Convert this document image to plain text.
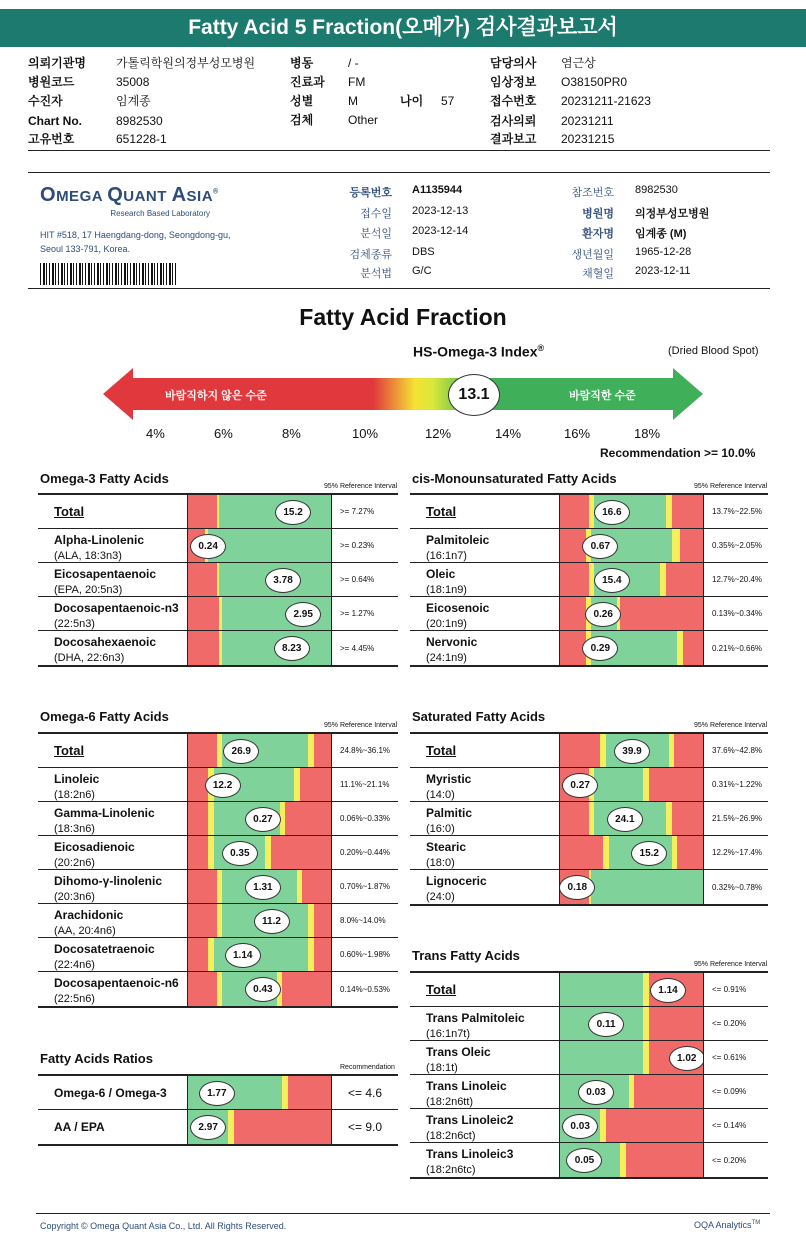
Fatty Acid 5 Fraction(오메가) 검사결과보고서
의뢰기관명	가톨릭학원의정부성모병원
병원코드	35008
수진자	임계종
Chart No.	8982530
고유번호	651228-1
병동	/ -
진료과 FM
성별	M
검체	Other
담당의사 염근상
임상정보 O38150PR0
접수번호 20231211-21623
검사의뢰 20231211
결과보고 20231215
나이 57
OMEGA QUANT ASIA®
Research Based Laboratory
HIT #518, 17 Haengdang-dong, Seongdong-gu,
Seoul 133-791, Korea.
등록번호 A1135944
접수일 2023-12-13
분석일 2023-12-14
검체종류 DBS
분석법 G/C
참조번호 8982530
병원명 의정부성모병원
환자명 임계종 (M)
생년월일 1965-12-28
채혈일 2023-12-11
Fatty Acid Fraction
HS-Omega-3 Index®	(Dried Blood Spot)
바람직하지 않은 수준	바람직한 수준
13.1
4%	6%	8%	10%	12%	14%	16%	18%
Recommendation >= 10.0%
Omega-3 Fatty Acids
95% Reference Interval
Total	15.2	>= 7.27%
Alpha-Linolenic
(ALA, 18:3n3)
0.24	>= 0.23%
Eicosapentaenoic
(EPA, 20:5n3)
3.78	>= 0.64%
Docosapentaenoic-n3
(22:5n3)
2.95	>= 1.27%
Docosahexaenoic
(DHA, 22:6n3)
8.23	>= 4.45%
cis-Monounsaturated Fatty Acids
95% Reference Interval
Total	16.6	13.7%~22.5%
Palmitoleic
(16:1n7)
0.67	0.35%~2.05%
Oleic
(18:1n9)
15.4	12.7%~20.4%
Eicosenoic
(20:1n9)
0.26	0.13%~0.34%
Nervonic
(24:1n9)
0.29	0.21%~0.66%
Omega-6 Fatty Acids
95% Reference Interval
Total	26.9	24.8%~36.1%
Linoleic
(18:2n6)
12.2	11.1%~21.1%
Gamma-Linolenic
(18:3n6)
0.27	0.06%~0.33%
Eicosadienoic
(20:2n6)
0.35	0.20%~0.44%
Dihomo-γ-linolenic
(20:3n6)
1.31	0.70%~1.87%
Arachidonic
(AA, 20:4n6)
11.2	8.0%~14.0%
Docosatetraenoic
(22:4n6)
1.14	0.60%~1.98%
Docosapentaenoic-n6
(22:5n6)
0.43	0.14%~0.53%
Saturated Fatty Acids
95% Reference Interval
Total	39.9	37.6%~42.8%
Myristic
(14:0)
0.27	0.31%~1.22%
Palmitic
(16:0)
24.1	21.5%~26.9%
Stearic
(18:0)
15.2	12.2%~17.4%
Lignoceric
(24:0)
0.18	0.32%~0.78%
Fatty Acids Ratios
Recommendation
Omega-6 / Omega-3	1.77	<= 4.6
AA / EPA	2.97	<= 9.0
Trans Fatty Acids
95% Reference Interval
Total	1.14	<= 0.91%
Trans Palmitoleic
(16:1n7t)
0.11	<= 0.20%
Trans Oleic
(18:1t)
1.02	<= 0.61%
Trans Linoleic
(18:2n6tt)
0.03	<= 0.09%
Trans Linoleic2
(18:2n6ct)
0.03	<= 0.14%
Trans Linoleic3
(18:2n6tc)
0.05	<= 0.20%
Copyright © Omega Quant Asia Co., Ltd. All Rights Reserved.	OQA Analytics™
